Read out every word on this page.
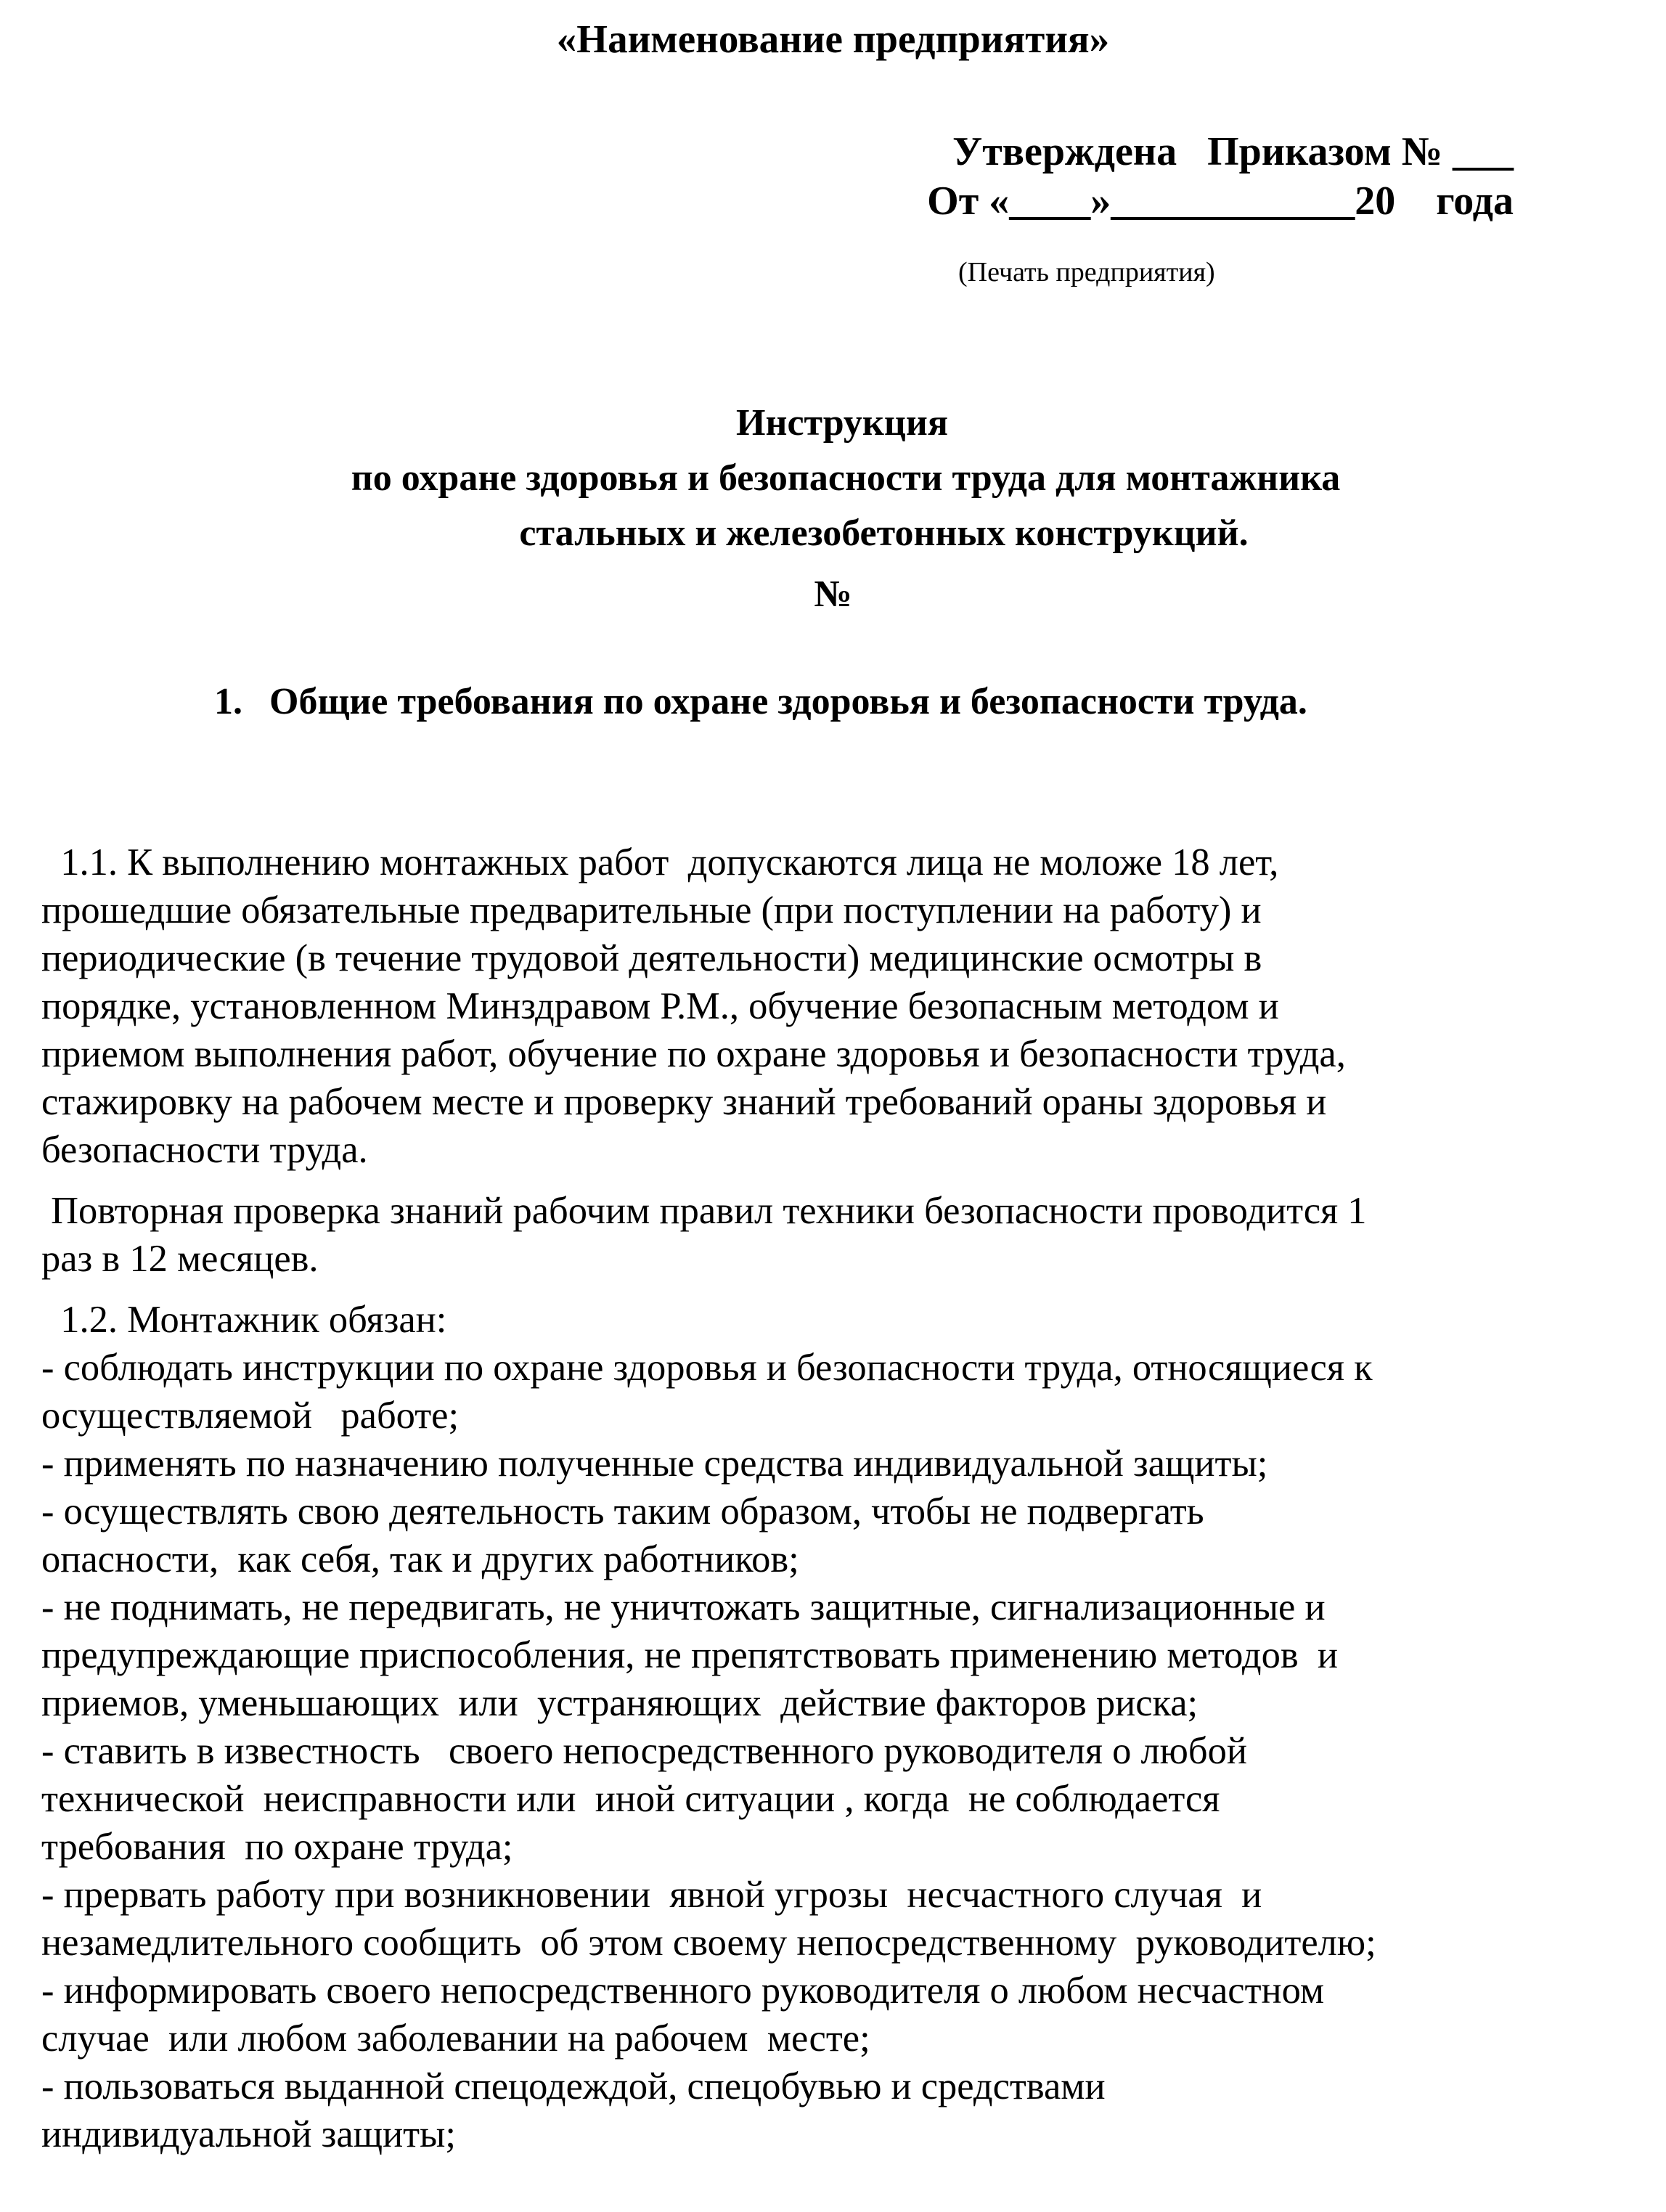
«Наименование предприятия»
Утверждена   Приказом № ___
От «____»____________20    года
(Печать предприятия)
Инструкция
по охране здоровья и безопасности труда для монтажника
стальных и железобетонных конструкций.
№
1. Общие требования по охране здоровья и безопасности труда.

1.1. К выполнению монтажных работ  допускаются лица не моложе 18 лет,

прошедшие обязательные предварительные (при поступлении на работу) и

периодические (в течение трудовой деятельности) медицинские осмотры в

порядке, установленном Минздравом Р.М., обучение безопасным методом и

приемом выполнения работ, обучение по охране здоровья и безопасности труда,

стажировку на рабочем месте и проверку знаний требований ораны здоровья и

безопасности труда.

Повторная проверка знаний рабочим правил техники безопасности проводится 1

раз в 12 месяцев.

1.2. Монтажник обязан:

- соблюдать инструкции по охране здоровья и безопасности труда, относящиеся к

осуществляемой   работе;

- применять по назначению полученные средства индивидуальной защиты;

- осуществлять свою деятельность таким образом, чтобы не подвергать

опасности,  как себя, так и других работников;

- не поднимать, не передвигать, не уничтожать защитные, сигнализационные и

предупреждающие приспособления, не препятствовать применению методов  и

приемов, уменьшающих  или  устраняющих  действие факторов риска;

- ставить в известность   своего непосредственного руководителя о любой

технической  неисправности или  иной ситуации , когда  не соблюдается

требования  по охране труда;

- прервать работу при возникновении  явной угрозы  несчастного случая  и

незамедлительного сообщить  об этом своему непосредственному  руководителю;

- информировать своего непосредственного руководителя о любом несчастном

случае  или любом заболевании на рабочем  месте;

- пользоваться выданной спецодеждой, спецобувью и средствами

индивидуальной защиты;
